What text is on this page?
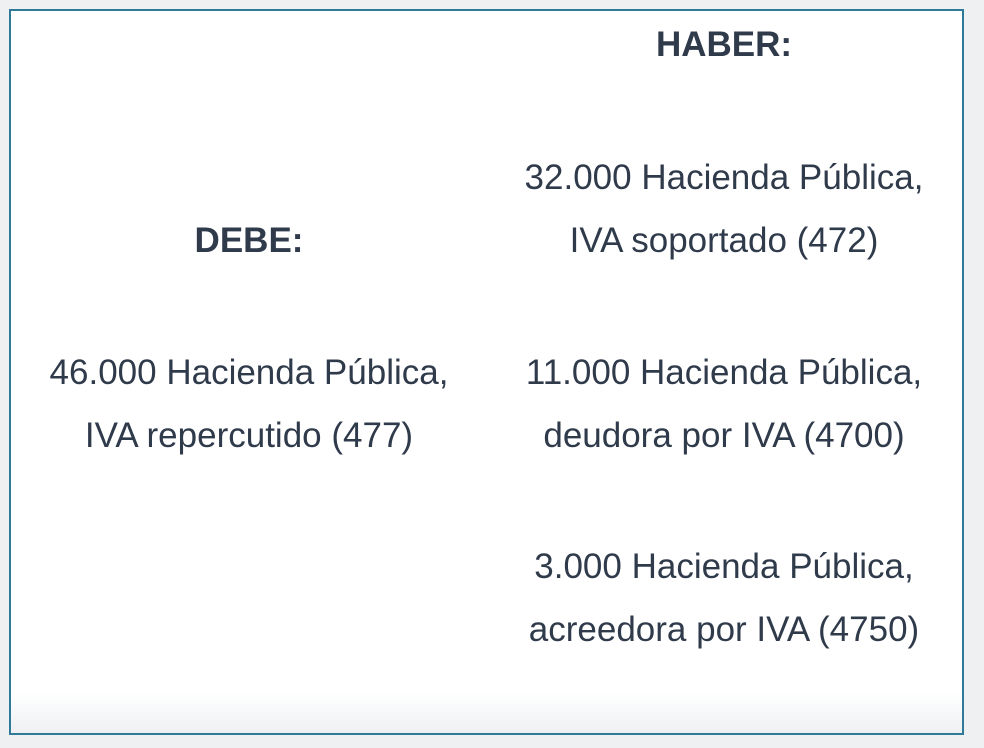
HABER:
32.000 Hacienda Pública,
IVA soportado (472)
11.000 Hacienda Pública,
deudora por IVA (4700)
3.000 Hacienda Pública,
acreedora por IVA (4750)
DEBE:
46.000 Hacienda Pública,
IVA repercutido (477)
